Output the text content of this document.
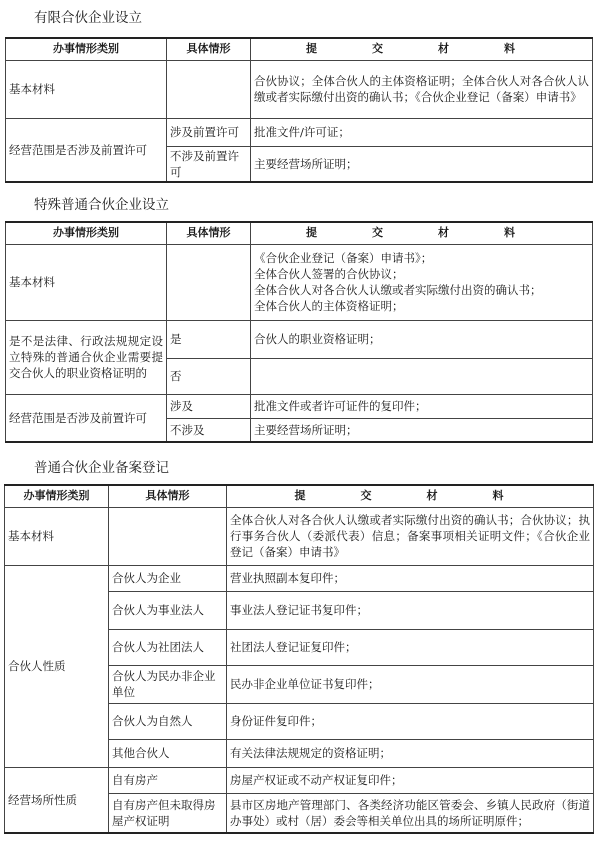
有限合伙企业设立
办事情形类别	具体情形	提　交　材　料
基本材料		合伙协议；全体合伙人的主体资格证明；全体合伙人对各合伙人认缴或者实际缴付出资的确认书；《合伙企业登记（备案）申请书》
经营范围是否涉及前置许可	涉及前置许可	批准文件/许可证；
	不涉及前置许可	主要经营场所证明；
特殊普通合伙企业设立
办事情形类别	具体情形	提　交　材　料
基本材料		《合伙企业登记（备案）申请书》；
全体合伙人签署的合伙协议；
全体合伙人对各合伙人认缴或者实际缴付出资的确认书；
全体合伙人的主体资格证明；

是不是法律、行政法规规定设立特殊的普通合伙企业需要提交合伙人的职业资格证明的	是	合伙人的职业资格证明；
	否	
经营范围是否涉及前置许可	涉及	批准文件或者许可证件的复印件；
	不涉及	主要经营场所证明；
普通合伙企业备案登记
办事情形类别	具体情形	提　交　材　料
基本材料		全体合伙人对各合伙人认缴或者实际缴付出资的确认书；合伙协议；执行事务合伙人（委派代表）信息；备案事项相关证明文件；《合伙企业登记（备案）申请书》
合伙人性质	合伙人为企业	营业执照副本复印件；
	合伙人为事业法人	事业法人登记证书复印件；
	合伙人为社团法人	社团法人登记证复印件；
	合伙人为民办非企业单位	民办非企业单位证书复印件；
	合伙人为自然人	身份证件复印件；
	其他合伙人	有关法律法规规定的资格证明；
经营场所性质	自有房产	房屋产权证或不动产权证复印件；
	自有房产但未取得房屋产权证明	县市区房地产管理部门、各类经济功能区管委会、乡镇人民政府（街道办事处）或村（居）委会等相关单位出具的场所证明原件；
